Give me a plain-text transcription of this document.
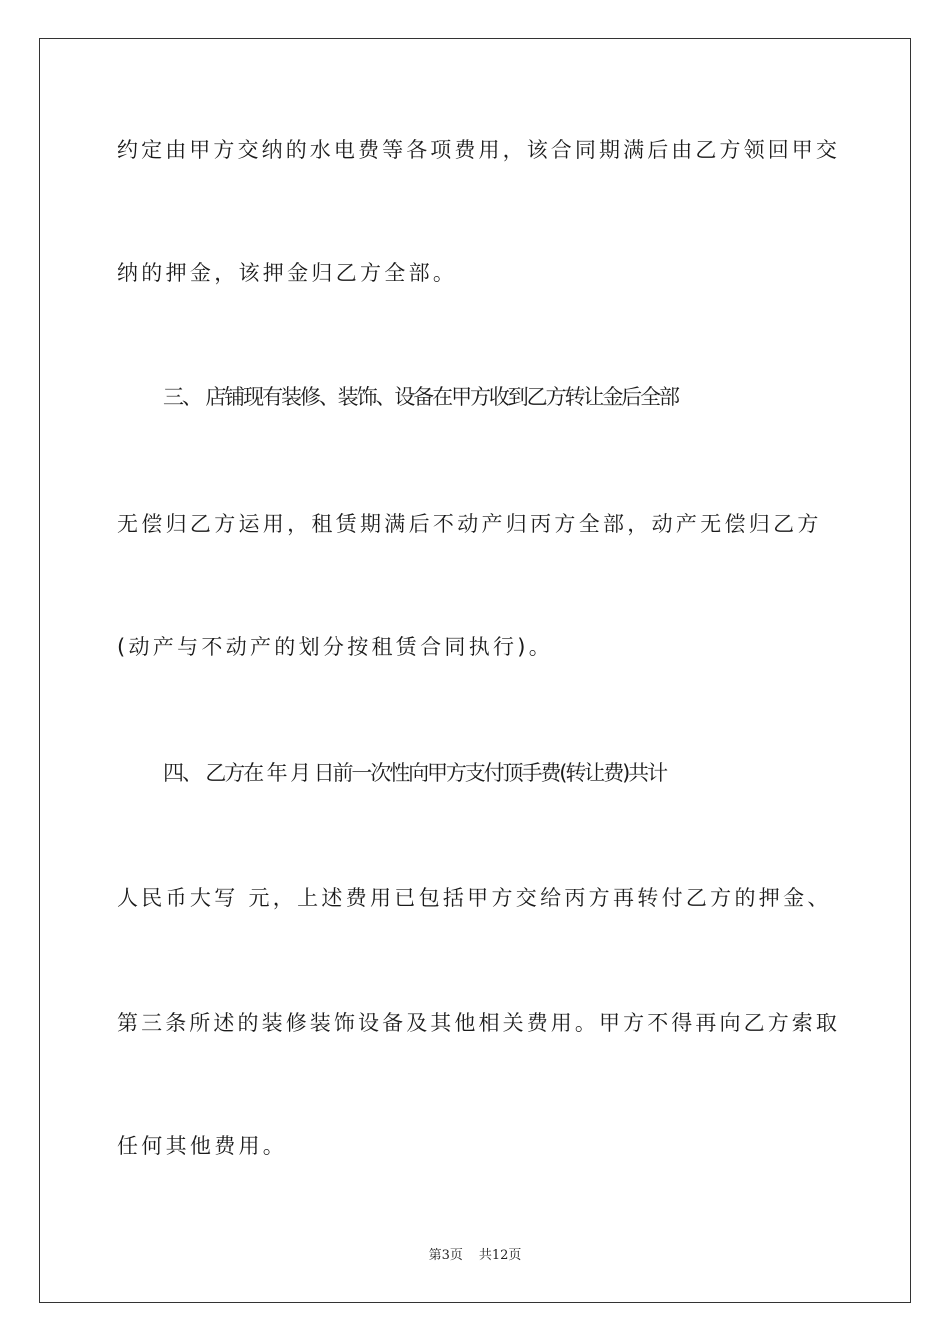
约定由甲方交纳的水电费等各项费用，该合同期满后由乙方领回甲交
纳的押金，该押金归乙方全部。
三、 店铺现有装修、装饰、设备在甲方收到乙方转让金后全部
无偿归乙方运用，租赁期满后不动产归丙方全部，动产无偿归乙方
(动产与不动产的划分按租赁合同执行)。
四、 乙方在 年 月 日前一次性向甲方支付顶手费(转让费)共计
人民币大写 元，上述费用已包括甲方交给丙方再转付乙方的押金、
第三条所述的装修装饰设备及其他相关费用。甲方不得再向乙方索取
任何其他费用。
第3页 共12页
